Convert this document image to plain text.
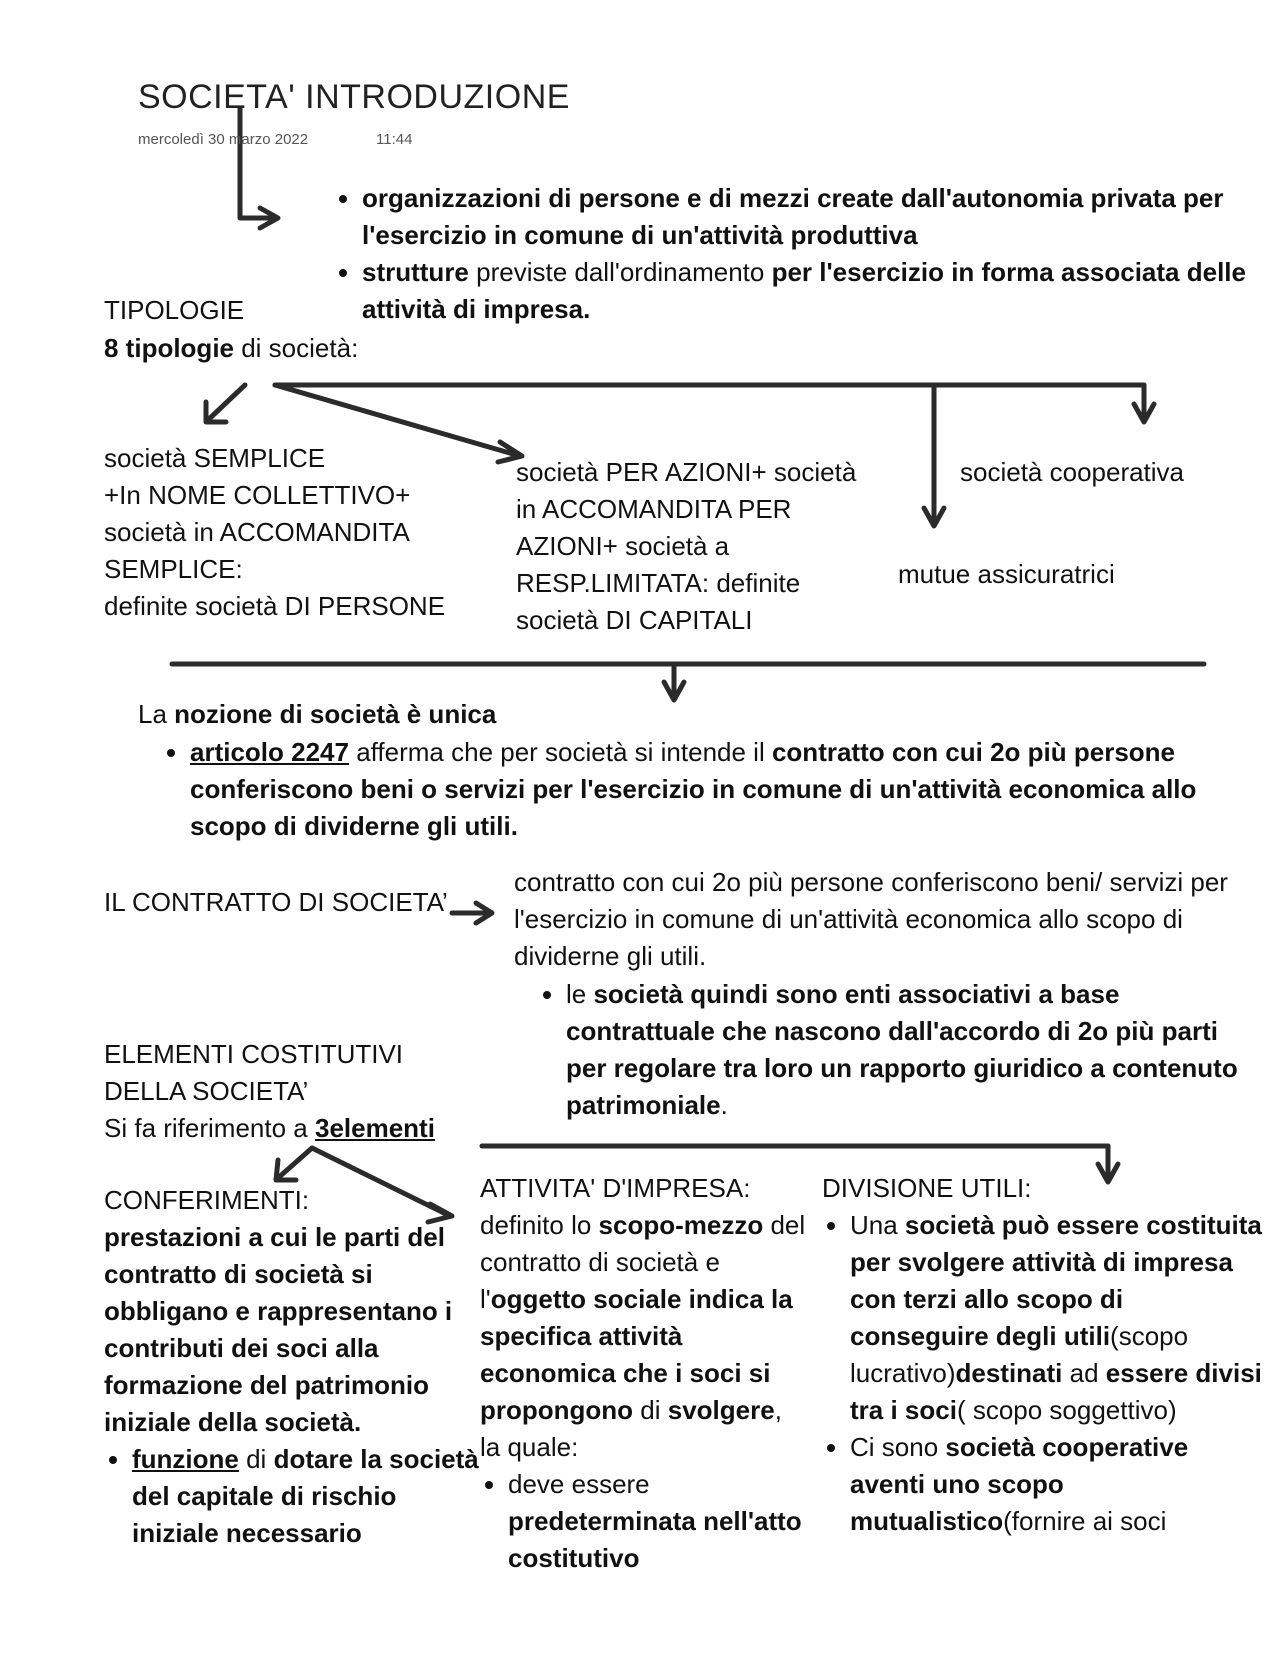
SOCIETA' INTRODUZIONE
mercoledì 30 marzo 2022	11:44
• organizzazioni di persone e di mezzi create dall'autonomia privata per l'esercizio in comune di un'attività produttiva
• strutture previste dall'ordinamento per l'esercizio in forma associata delle attività di impresa.
TIPOLOGIE
8 tipologie di società:
società SEMPLICE
+In NOME COLLETTIVO+
società in ACCOMANDITA
SEMPLICE:
definite società DI PERSONE
società PER AZIONI+ società
in ACCOMANDITA PER
AZIONI+ società a
RESP.LIMITATA: definite
società DI CAPITALI
società cooperativa
mutue assicuratrici
La nozione di società è unica
• articolo 2247 afferma che per società si intende il contratto con cui 2o più persone conferiscono beni o servizi per l'esercizio in comune di un'attività economica allo scopo di dividerne gli utili.
IL CONTRATTO DI SOCIETA’
contratto con cui 2o più persone conferiscono beni/ servizi per l'esercizio in comune di un'attività economica allo scopo di dividerne gli utili.
• le società quindi sono enti associativi a base contrattuale che nascono dall'accordo di 2o più parti per regolare tra loro un rapporto giuridico a contenuto patrimoniale.
ELEMENTI COSTITUTIVI
DELLA SOCIETA’
Si fa riferimento a 3elementi
CONFERIMENTI:
prestazioni a cui le parti del contratto di società si obbligano e rappresentano i contributi dei soci alla formazione del patrimonio iniziale della società.
• funzione di dotare la società del capitale di rischio iniziale necessario
ATTIVITA' D'IMPRESA:
definito lo scopo-mezzo del contratto di società e l'oggetto sociale indica la specifica attività economica che i soci si propongono di svolgere, la quale:
• deve essere predeterminata nell'atto costitutivo
DIVISIONE UTILI:
• Una società può essere costituita per svolgere attività di impresa con terzi allo scopo di conseguire degli utili(scopo lucrativo)destinati ad essere divisi tra i soci( scopo soggettivo)
• Ci sono società cooperative aventi uno scopo mutualistico(fornire ai soci
